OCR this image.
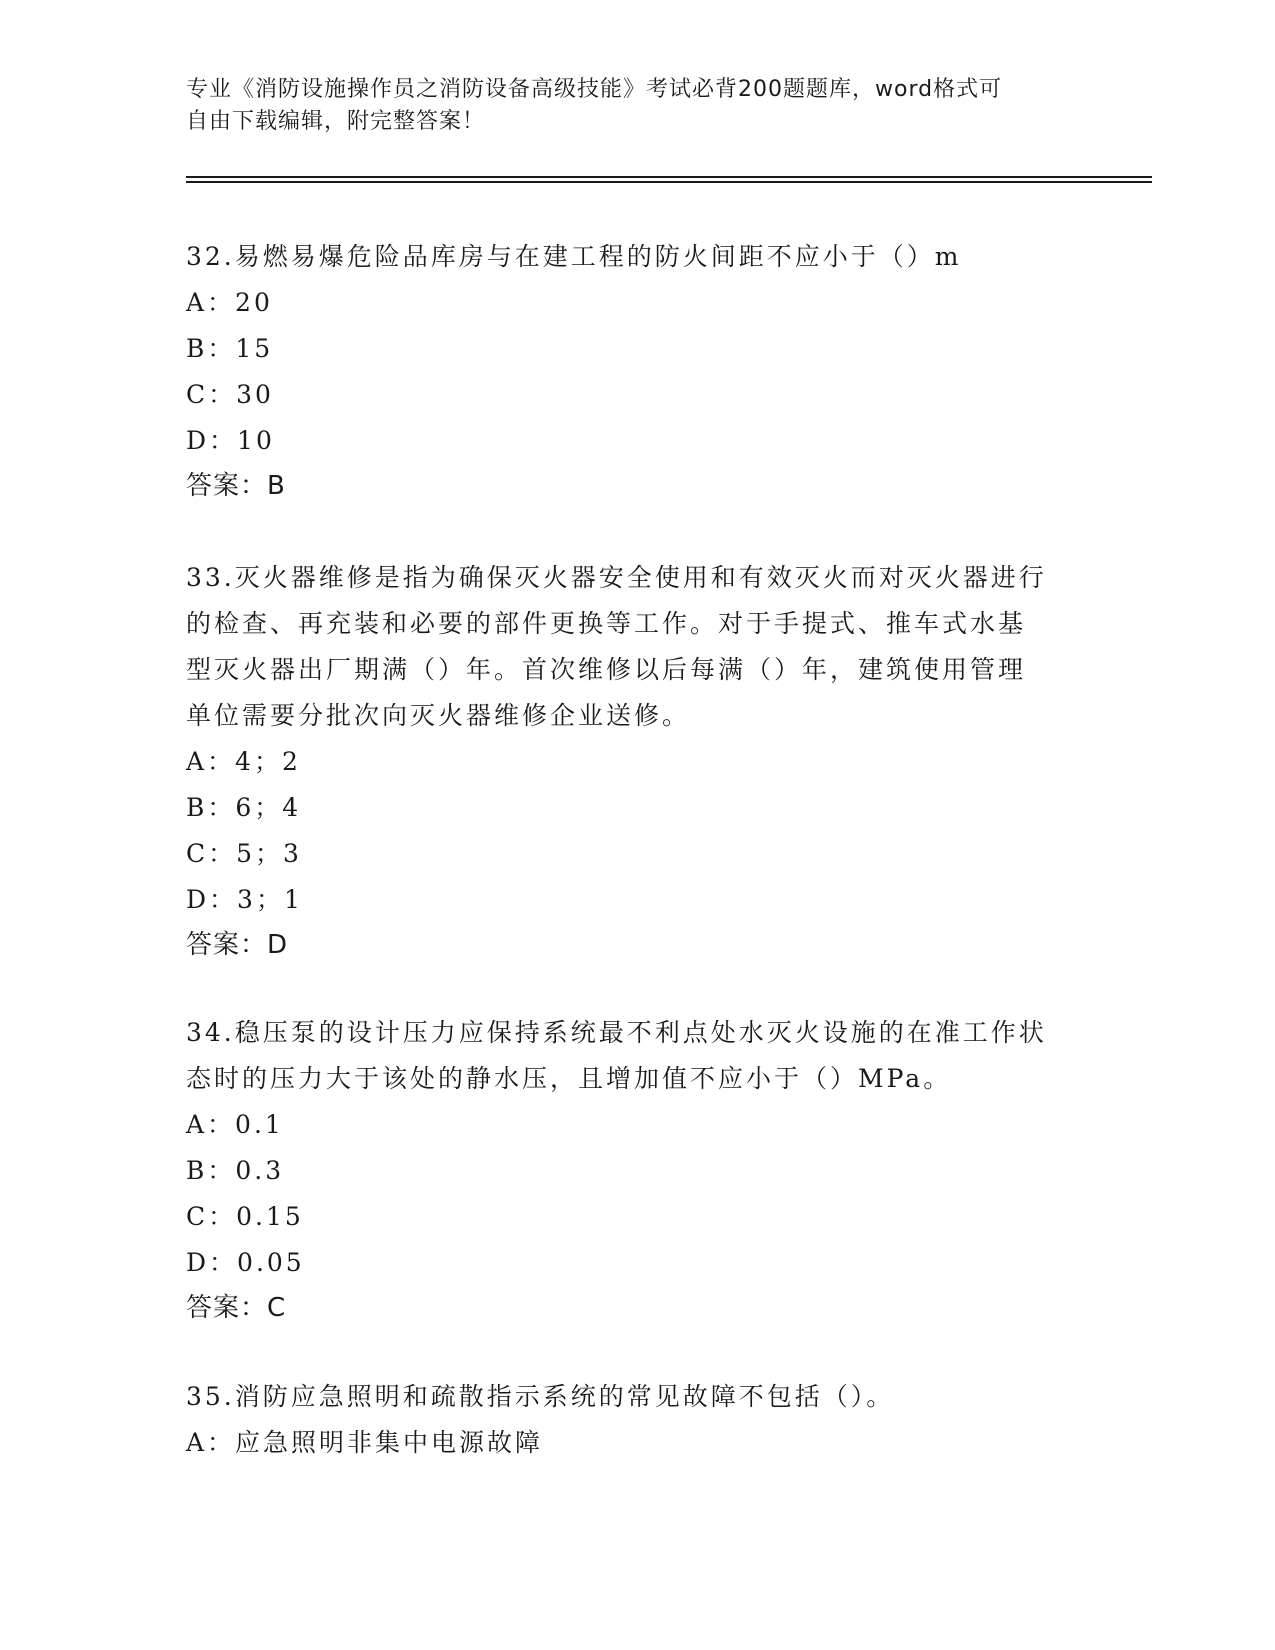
专业《消防设施操作员之消防设备高级技能》考试必背200题题库，word格式可
自由下载编辑，附完整答案！
32.易燃易爆危险品库房与在建工程的防火间距不应小于（）m
A：20
B：15
C：30
D：10
答案：B
33.灭火器维修是指为确保灭火器安全使用和有效灭火而对灭火器进行
的检查、再充装和必要的部件更换等工作。对于手提式、推车式水基
型灭火器出厂期满（）年。首次维修以后每满（）年，建筑使用管理
单位需要分批次向灭火器维修企业送修。
A：4；2
B：6；4
C：5；3
D：3；1
答案：D
34.稳压泵的设计压力应保持系统最不利点处水灭火设施的在准工作状
态时的压力大于该处的静水压，且增加值不应小于（）MPa。
A：0.1
B：0.3
C：0.15
D：0.05
答案：C
35.消防应急照明和疏散指示系统的常见故障不包括（）。
A：应急照明非集中电源故障
